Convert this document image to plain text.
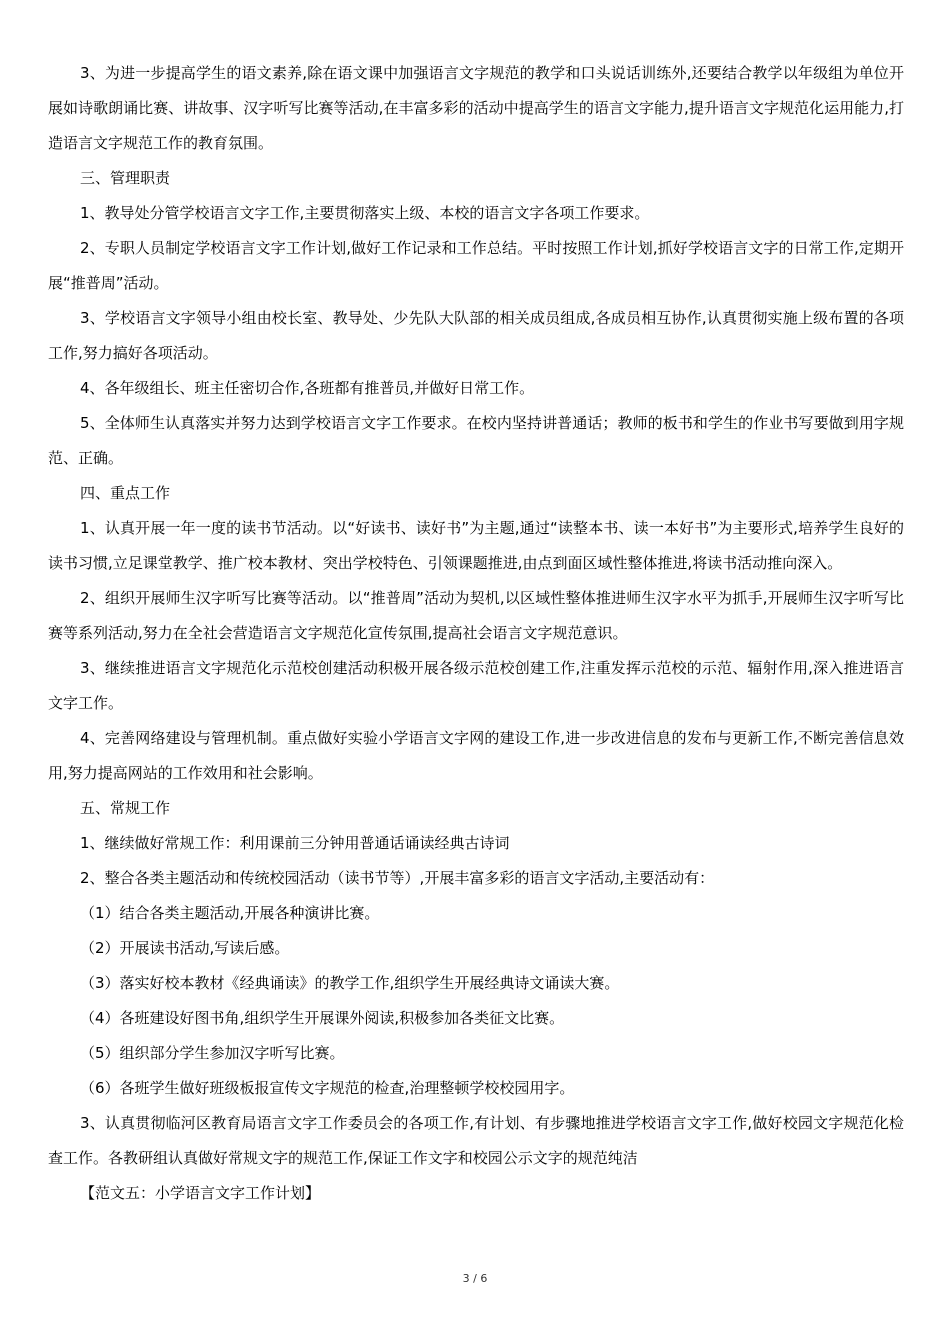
3、为进一步提高学生的语文素养,除在语文课中加强语言文字规范的教学和口头说话训练外,还要结合教学以年级组为单位开展如诗歌朗诵比赛、讲故事、汉字听写比赛等活动,在丰富多彩的活动中提高学生的语言文字能力,提升语言文字规范化运用能力,打造语言文字规范工作的教育氛围。

三、管理职责

1、教导处分管学校语言文字工作,主要贯彻落实上级、本校的语言文字各项工作要求。

2、专职人员制定学校语言文字工作计划,做好工作记录和工作总结。平时按照工作计划,抓好学校语言文字的日常工作,定期开展“推普周”活动。

3、学校语言文字领导小组由校长室、教导处、少先队大队部的相关成员组成,各成员相互协作,认真贯彻实施上级布置的各项工作,努力搞好各项活动。

4、各年级组长、班主任密切合作,各班都有推普员,并做好日常工作。

5、全体师生认真落实并努力达到学校语言文字工作要求。在校内坚持讲普通话；教师的板书和学生的作业书写要做到用字规范、正确。

四、重点工作

1、认真开展一年一度的读书节活动。以“好读书、读好书”为主题,通过“读整本书、读一本好书”为主要形式,培养学生良好的读书习惯,立足课堂教学、推广校本教材、突出学校特色、引领课题推进,由点到面区域性整体推进,将读书活动推向深入。

2、组织开展师生汉字听写比赛等活动。以“推普周”活动为契机,以区域性整体推进师生汉字水平为抓手,开展师生汉字听写比赛等系列活动,努力在全社会营造语言文字规范化宣传氛围,提高社会语言文字规范意识。

3、继续推进语言文字规范化示范校创建活动积极开展各级示范校创建工作,注重发挥示范校的示范、辐射作用,深入推进语言文字工作。

4、完善网络建设与管理机制。重点做好实验小学语言文字网的建设工作,进一步改进信息的发布与更新工作,不断完善信息效用,努力提高网站的工作效用和社会影响。

五、常规工作

1、继续做好常规工作：利用课前三分钟用普通话诵读经典古诗词

2、整合各类主题活动和传统校园活动（读书节等）,开展丰富多彩的语言文字活动,主要活动有：

（1）结合各类主题活动,开展各种演讲比赛。

（2）开展读书活动,写读后感。

（3）落实好校本教材《经典诵读》的教学工作,组织学生开展经典诗文诵读大赛。

（4）各班建设好图书角,组织学生开展课外阅读,积极参加各类征文比赛。

（5）组织部分学生参加汉字听写比赛。

（6）各班学生做好班级板报宣传文字规范的检查,治理整顿学校校园用字。

3、认真贯彻临河区教育局语言文字工作委员会的各项工作,有计划、有步骤地推进学校语言文字工作,做好校园文字规范化检查工作。各教研组认真做好常规文字的规范工作,保证工作文字和校园公示文字的规范纯洁

【范文五：小学语言文字工作计划】

3 / 6
